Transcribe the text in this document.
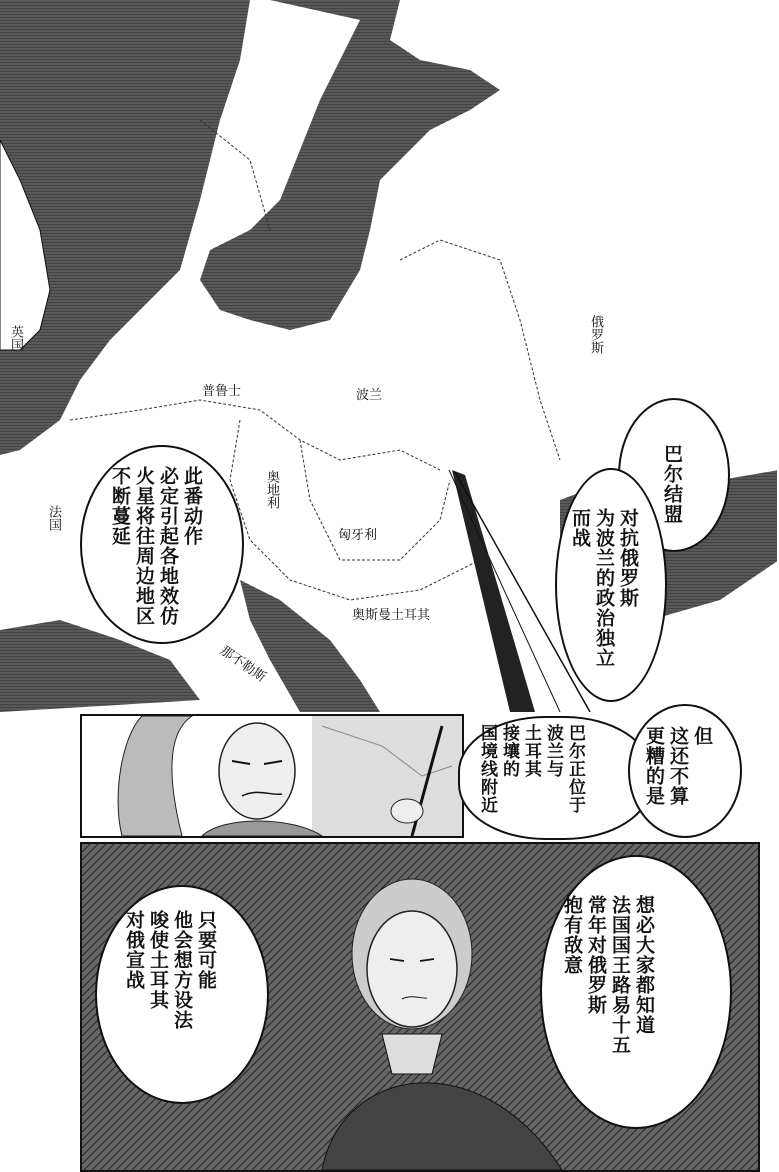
英国	俄罗斯
普鲁士	波兰
法国
奥地利
匈牙利
奥斯曼土耳其
那不勒斯
此番动作
必定引起各地效仿
火星将往周边地区
不断蔓延	巴尔结盟
对抗俄罗斯
为波兰的政治独立
而战
巴尔正位于
波兰与
土耳其
接壤的
国境线附近	但
这还不算
更糟的是
只要可能
他会想方设法
唆使土耳其
对俄宣战	想必大家都知道
法国国王路易十五
常年对俄罗斯
抱有敌意
